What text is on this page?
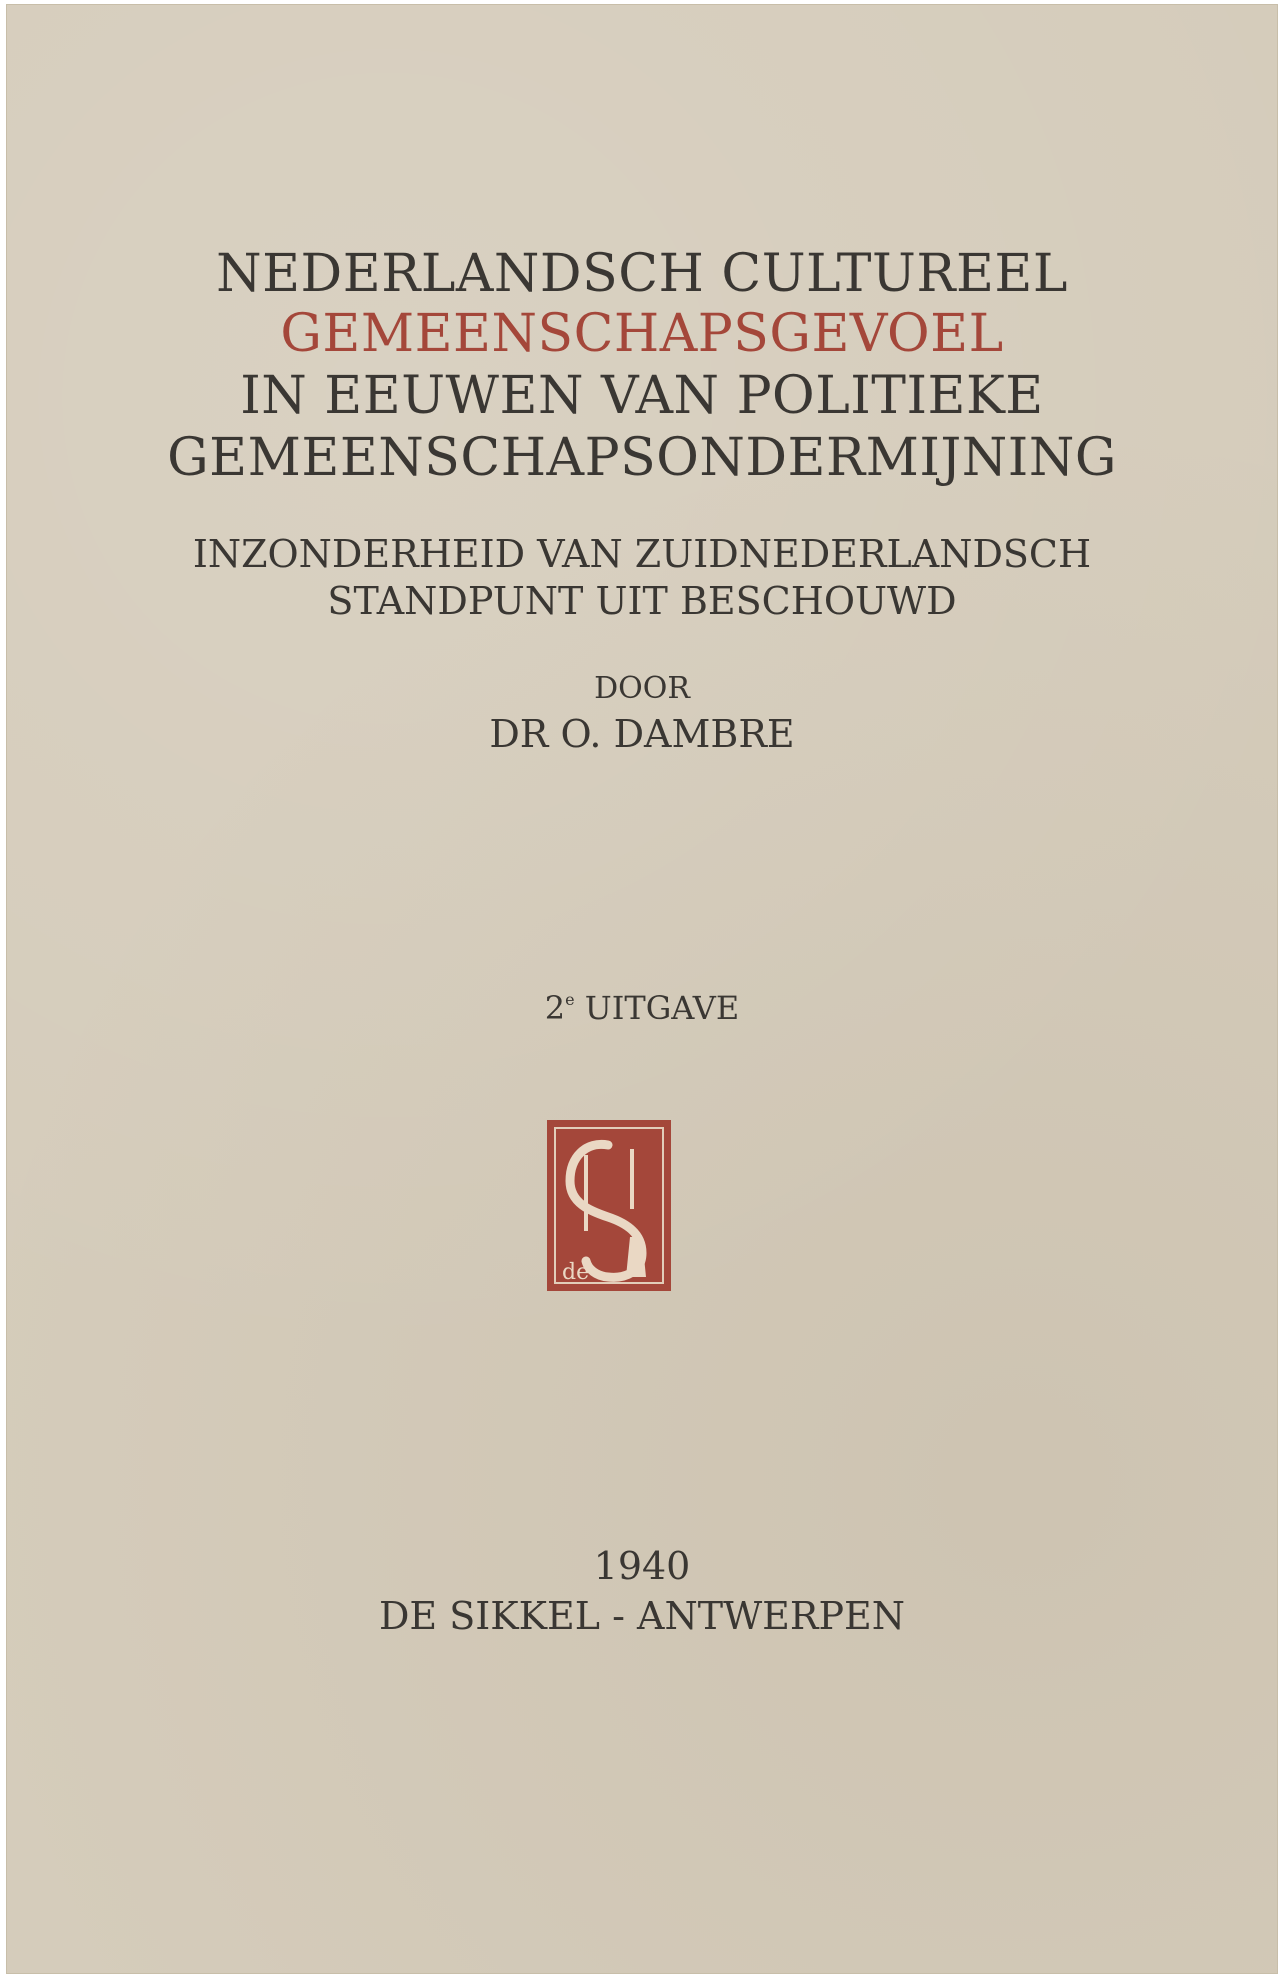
NEDERLANDSCH CULTUREEL
GEMEENSCHAPSGEVOEL
IN EEUWEN VAN POLITIEKE
GEMEENSCHAPSONDERMIJNING
INZONDERHEID VAN ZUIDNEDERLANDSCH
STANDPUNT UIT BESCHOUWD
DOOR
DR O. DAMBRE
2e UITGAVE
de
1940
DE SIKKEL - ANTWERPEN
